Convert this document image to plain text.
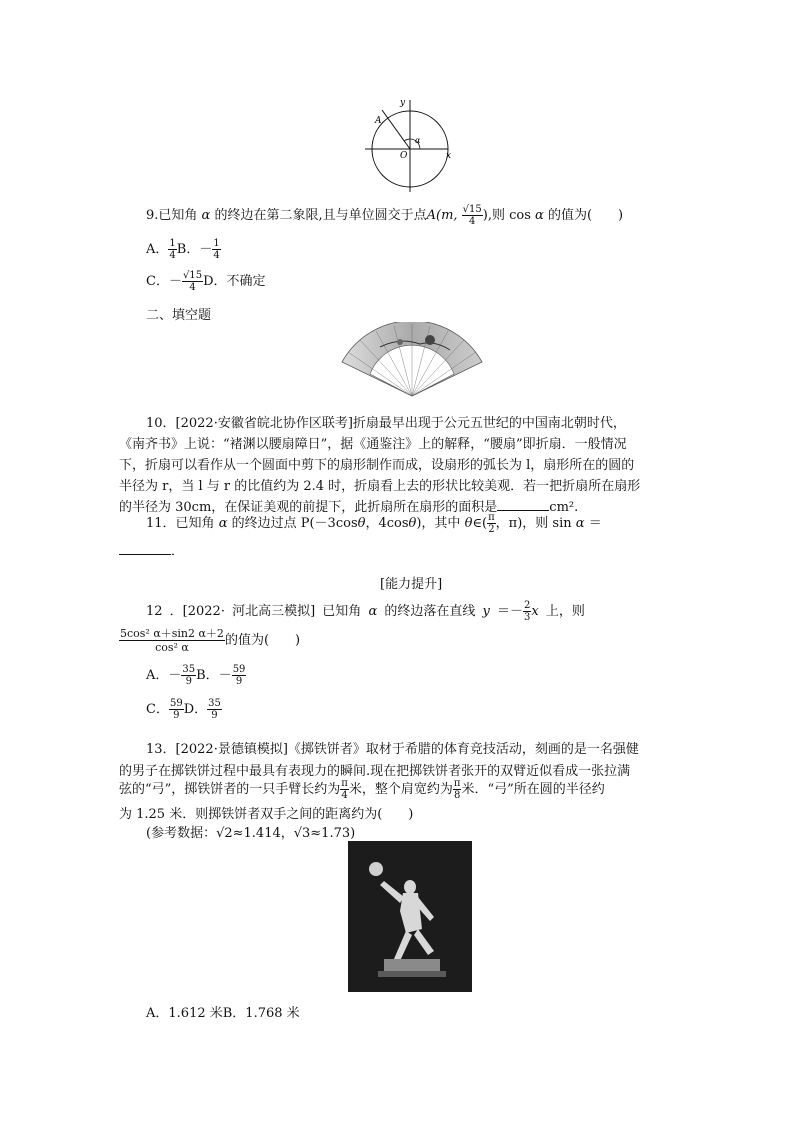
y
x
O
A
α
9.已知角 α 的终边在第二象限,且与单位圆交于点A(m, $\frac{√15}{4}$ ),则 cos α 的值为(　　)
A． $\frac{1}{4}$ B．－ $\frac{1}{4}$
C．－ $\frac{√15}{4}$ D．不确定
二、填空题
10．[2022·安徽省皖北协作区联考]折扇最早出现于公元五世纪的中国南北朝时代，
《南齐书》上说：“褚渊以腰扇障日”，据《通鉴注》上的解释，“腰扇”即折扇．一般情况
下，折扇可以看作从一个圆面中剪下的扇形制作而成，设扇形的弧长为 l，扇形所在的圆的
半径为 r，当 l 与 r 的比值约为 2.4 时，折扇看上去的形状比较美观．若一把折扇所在扇形
的半径为 30cm，在保证美观的前提下，此折扇所在扇形的面积是	cm².
11．已知角 α 的终边过点 P(－3cosθ，4cosθ)，其中 θ∈( $\frac{\pi}{2}$ ，π)，则 sin α ＝
．
[能力提升]
12 ．[2022· 河北高三模拟] 已知角 α 的终边落在直线 $y =- \frac{2}{3}$ x 上，则
$\frac{\text{5cos² α＋sin2 α＋2}}{\text{cos² α}}$ 的值为(　　)
A．－ $\frac{35}{9}$ B．－ $\frac{59}{9}$
C． $\frac{59}{9}$ D． $\frac{35}{9}$
13．[2022·景德镇模拟]《掷铁饼者》取材于希腊的体育竞技活动，刻画的是一名强健
的男子在掷铁饼过程中最具有表现力的瞬间.现在把掷铁饼者张开的双臂近似看成一张拉满
弦的“弓”，掷铁饼者的一只手臂长约为 $\frac{\pi}{4}$ 米，整个肩宽约为 $\frac{\pi}{8}$ 米．“弓”所在圆的半径约
为 1.25 米．则掷铁饼者双手之间的距离约为(　　)
(参考数据：√2≈1.414，√3≈1.73)
A．1.612 米B．1.768 米
